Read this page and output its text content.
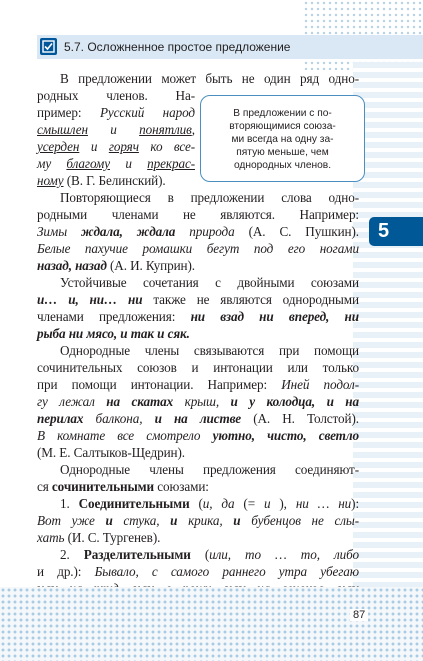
5.7. Осложненное простое предложение
5
В предложении с по-
вторяющимися союза-
ми всегда на одну за-
пятую меньше, чем
однородных членов.
В предложении может быть не один ряд одно-
родных членов. На-
пример: Русский народ
смышлен и понятлив,
усерден и горяч ко все-
му благому и прекрас-
ному (В. Г. Белинский).
Повторяющиеся в предложении слова одно-
родными членами не являются. Например:
Зимы ждала, ждала природа (А. С. Пушкин).
Белые пахучие ромашки бегут под его ногами
назад, назад (А. И. Куприн).
Устойчивые сочетания с двойными союзами
и… и, ни… ни также не являются однородными
членами предложения: ни взад ни вперед, ни
рыба ни мясо, и так и сяк.
Однородные члены связываются при помощи
сочинительных союзов и интонации или только
при помощи интонации. Например: Иней подол-
гу лежал на скатах крыш, и у колодца, и на
перилах балкона, и на листве (А. Н. Толстой).
В комнате все смотрело уютно, чисто, светло
(М. Е. Салтыков-Щедрин).
Однородные члены предложения соединяют-
ся сочинительными союзами:
1. Соединительными (и, да (= и ), ни … ни):
Вот уже и стука, и крика, и бубенцов не слы-
хать (И. С. Тургенев).
2. Разделительными (или, то … то, либо
и др.): Бывало, с самого раннего утра убегаю
87
